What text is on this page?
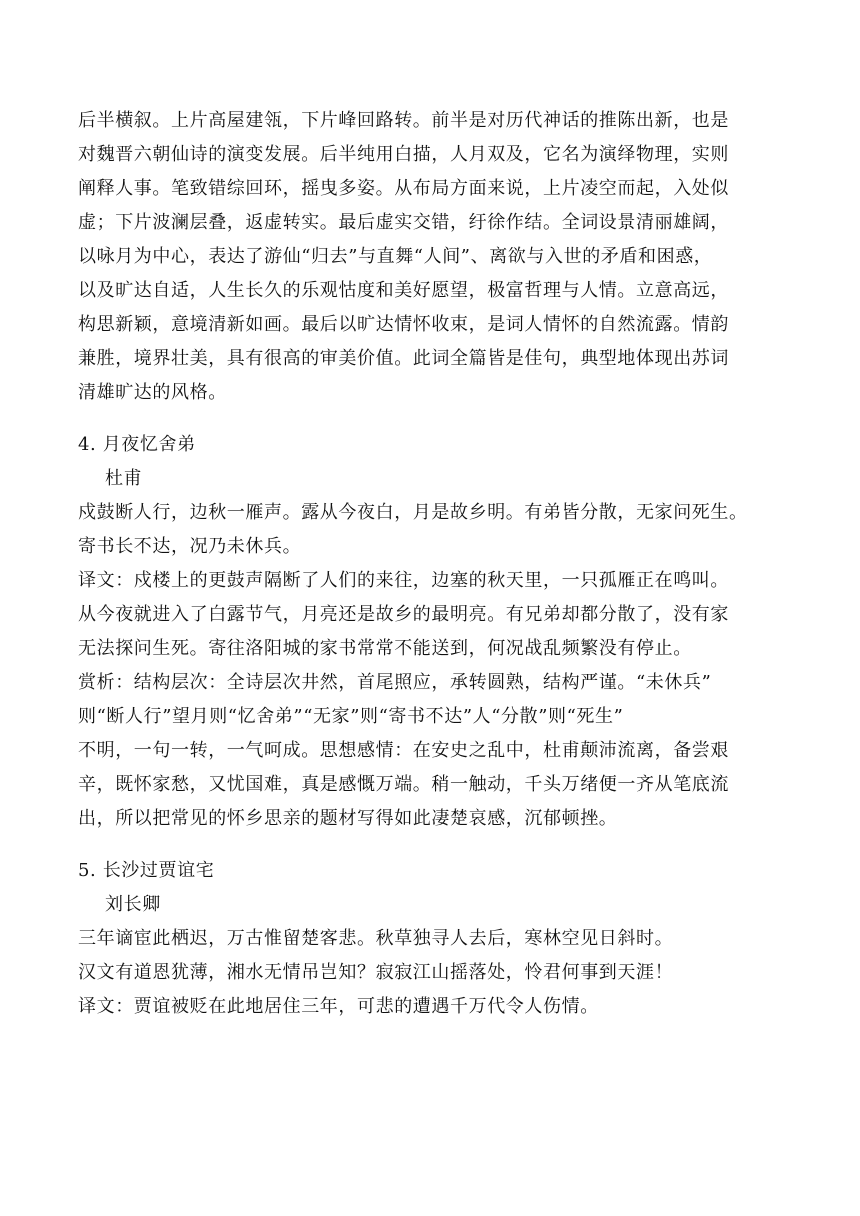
后半横叙。上片高屋建瓴，下片峰回路转。前半是对历代神话的推陈出新，也是
对魏晋六朝仙诗的演变发展。后半纯用白描，人月双及，它名为演绎物理，实则
阐释人事。笔致错综回环，摇曳多姿。从布局方面来说，上片凌空而起，入处似
虚；下片波澜层叠，返虚转实。最后虚实交错，纡徐作结。全词设景清丽雄阔，
以咏月为中心，表达了游仙“归去”与直舞“人间”、离欲与入世的矛盾和困惑，
以及旷达自适，人生长久的乐观怙度和美好愿望，极富哲理与人情。立意高远，
构思新颖，意境清新如画。最后以旷达情怀收束，是词人情怀的自然流露。情韵
兼胜，境界壮美，具有很高的审美价值。此词全篇皆是佳句，典型地体现出苏词
清雄旷达的风格。
4. 月夜忆舍弟
杜甫
戍鼓断人行，边秋一雁声。露从今夜白，月是故乡明。有弟皆分散，无家问死生。
寄书长不达，况乃未休兵。
译文：戍楼上的更鼓声隔断了人们的来往，边塞的秋天里，一只孤雁正在鸣叫。
从今夜就进入了白露节气，月亮还是故乡的最明亮。有兄弟却都分散了，没有家
无法探问生死。寄往洛阳城的家书常常不能送到，何况战乱频繁没有停止。
赏析：结构层次：全诗层次井然，首尾照应，承转圆熟，结构严谨。“未休兵”
则“断人行”望月则“忆舍弟”“无家”则“寄书不达”人“分散”则“死生”
不明，一句一转，一气呵成。思想感情：在安史之乱中，杜甫颠沛流离，备尝艰
辛，既怀家愁，又忧国难，真是感慨万端。稍一触动，千头万绪便一齐从笔底流
出，所以把常见的怀乡思亲的题材写得如此凄楚哀感，沉郁顿挫。
5. 长沙过贾谊宅
刘长卿
三年谪宦此栖迟，万古惟留楚客悲。秋草独寻人去后，寒林空见日斜时。
汉文有道恩犹薄，湘水无情吊岂知？寂寂江山摇落处，怜君何事到天涯！
译文：贾谊被贬在此地居住三年，可悲的遭遇千万代令人伤情。
